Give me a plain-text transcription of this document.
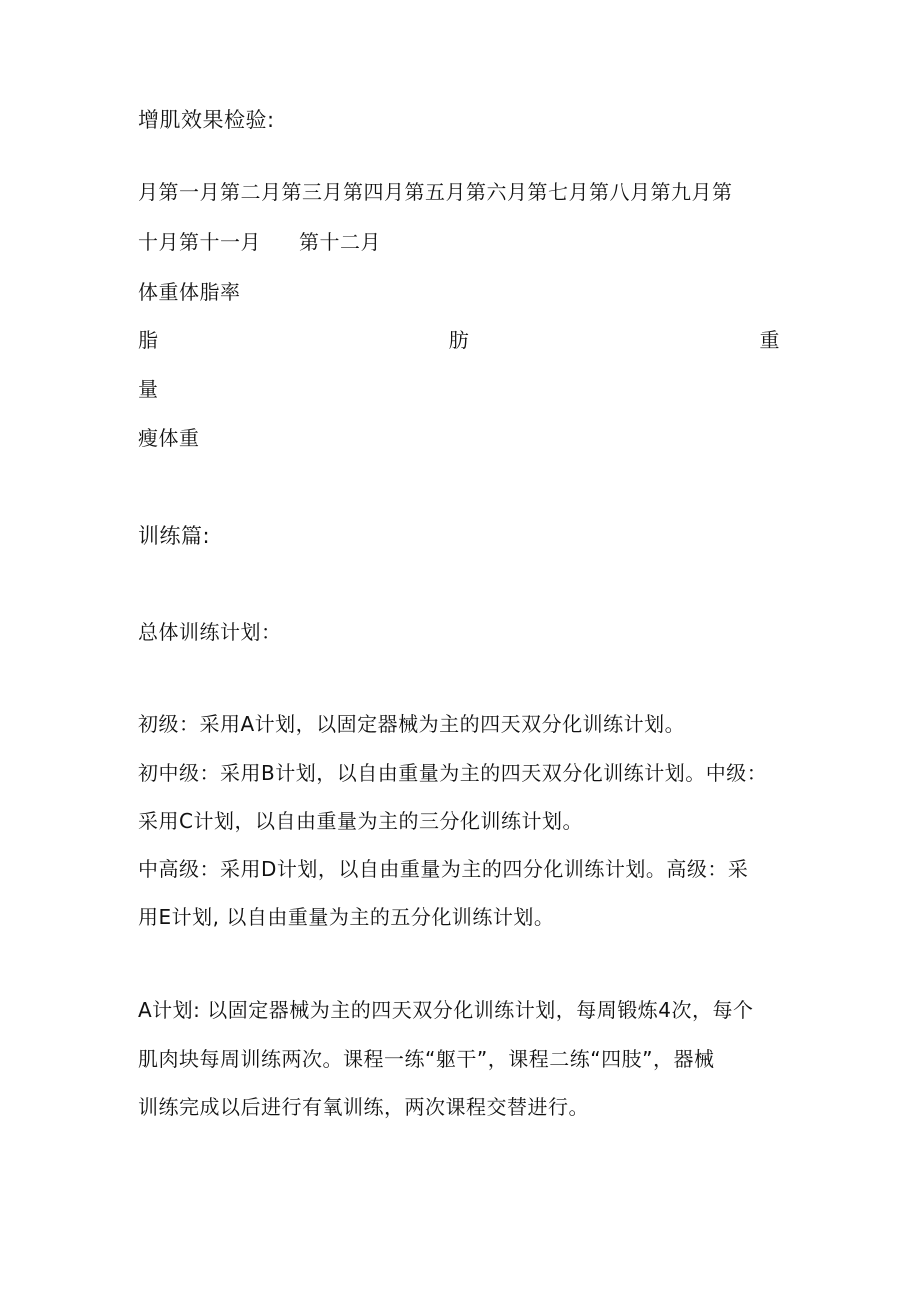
增肌效果检验:
月第一月第二月第三月第四月第五月第六月第七月第八月第九月第
十月第十一月 第十二月
体重体脂率
脂	肪	重
量
瘦体重
训练篇:
总体训练计划：
初级：采用A计划，以固定器械为主的四天双分化训练计划。
初中级：采用B计划，以自由重量为主的四天双分化训练计划。中级：
采用C计划，以自由重量为主的三分化训练计划。
中高级：采用D计划，以自由重量为主的四分化训练计划。高级：采
用E计划, 以自由重量为主的五分化训练计划。
A计划: 以固定器械为主的四天双分化训练计划，每周锻炼4次，每个
肌肉块每周训练两次。课程一练“躯干”，课程二练“四肢”，器械
训练完成以后进行有氧训练，两次课程交替进行。
